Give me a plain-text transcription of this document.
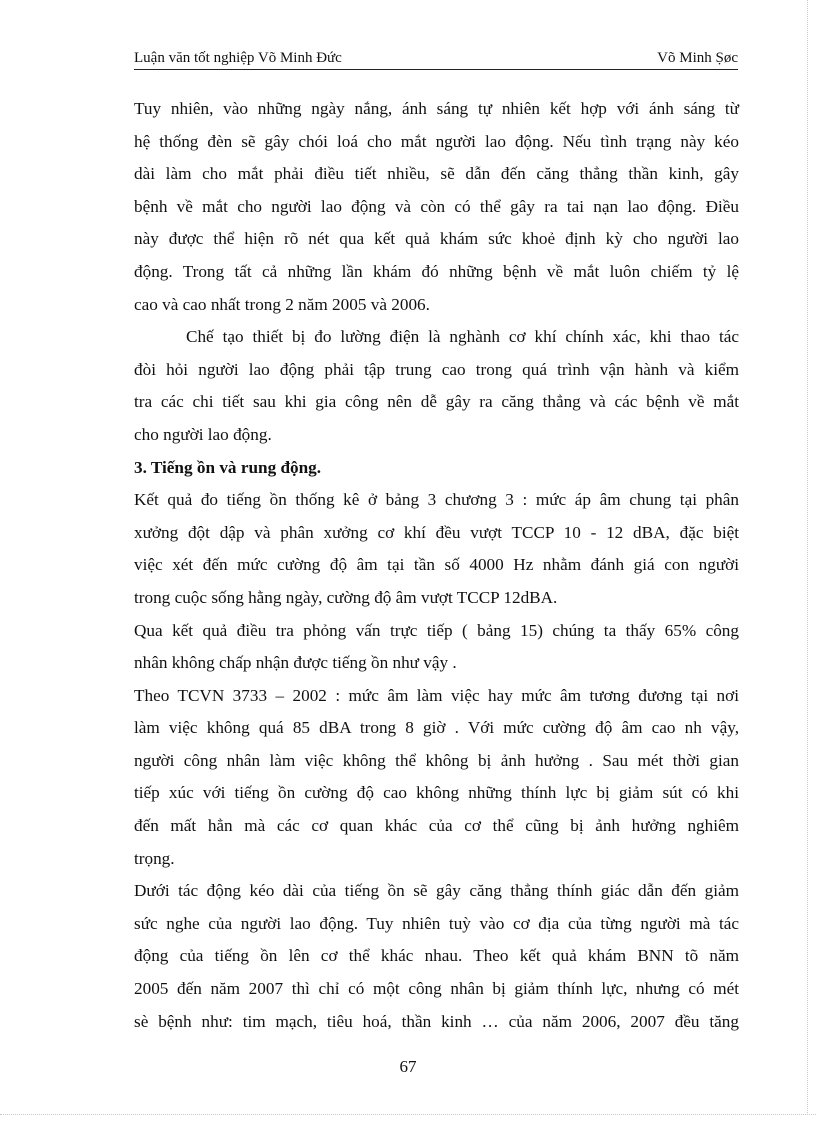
Luận văn tốt nghiệp Võ Minh Đức	Võ Minh Ṣøc
Tuy nhiên, vào những ngày nắng, ánh sáng tự nhiên kết hợp với ánh sáng từ
hệ thống đèn sẽ gây chói loá cho mắt người lao động. Nếu tình trạng này kéo
dài làm cho mắt phải điều tiết nhiều, sẽ dẫn đến căng thẳng thần kinh, gây
bệnh về mắt cho người lao động và còn có thể gây ra tai nạn lao động. Điều
này được thể hiện rõ nét qua kết quả khám sức khoẻ định kỳ cho người lao
động. Trong tất cả những lần khám đó những bệnh về mắt luôn chiếm tỷ lệ
cao và cao nhất trong 2 năm 2005 và 2006.
Chế tạo thiết bị đo lường điện là nghành cơ khí chính xác, khi thao tác
đòi hỏi người lao động phải tập trung cao trong quá trình vận hành và kiểm
tra các chi tiết sau khi gia công nên dễ gây ra căng thẳng và các bệnh về mắt
cho người lao động.
3. Tiếng ồn và rung động.
Kết quả đo tiếng ồn thống kê ở bảng 3 chương 3 : mức áp âm chung tại phân
xưởng đột dập và phân xưởng cơ khí đều vượt TCCP 10 - 12 dBA, đặc biệt
việc xét đến mức cường độ âm tại tần số 4000 Hz nhằm đánh giá con người
trong cuộc sống hằng ngày, cường độ âm vượt TCCP 12dBA.
Qua kết quả điều tra phỏng vấn trực tiếp ( bảng 15) chúng ta thấy 65% công
nhân không chấp nhận được tiếng ồn như vậy .
Theo TCVN 3733 – 2002 : mức âm làm việc hay mức âm tương đương tại nơi
làm việc không quá 85 dBA trong 8 giờ . Với mức cường độ âm cao nh vậy,
người công nhân làm việc không thể không bị ảnh hưởng . Sau mét thời gian
tiếp xúc với tiếng ồn cường độ cao không những thính lực bị giảm sút có khi
đến mất hẳn mà các cơ quan khác của cơ thể cũng bị ảnh hưởng nghiêm
trọng.
Dưới tác động kéo dài của tiếng ồn sẽ gây căng thẳng thính giác dẫn đến giảm
sức nghe của người lao động. Tuy nhiên tuỳ vào cơ địa của từng người mà tác
động của tiếng ồn lên cơ thể khác nhau. Theo kết quả khám BNN tõ năm
2005 đến năm 2007 thì chỉ có một công nhân bị giảm thính lực, nhưng có mét
sè bệnh như: tim mạch, tiêu hoá, thần kinh … của năm 2006, 2007 đều tăng
67
